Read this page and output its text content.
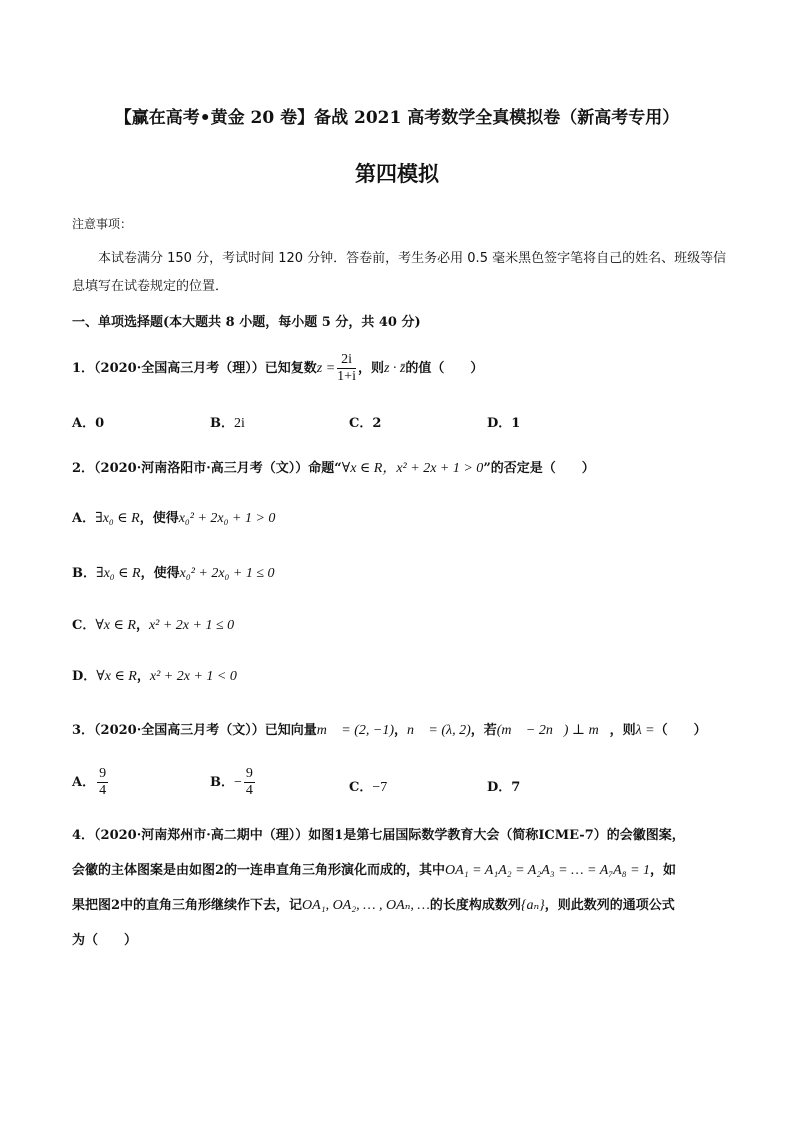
【赢在高考•黄金 20 卷】备战 2021 高考数学全真模拟卷（新高考专用）
第四模拟
注意事项：
本试卷满分 150 分，考试时间 120 分钟．答卷前，考生务必用 0.5 毫米黑色签字笔将自己的姓名、班级等信息填写在试卷规定的位置．
一、单项选择题(本大题共 8 小题，每小题 5 分，共 40 分)
1．（2020·全国高三月考（理））已知复数$z = \frac{2i}{1+i}$ ，则z · z̄的值（　　）
A．0	B．2i	C．2	D．1
2．（2020·河南洛阳市·高三月考（文））命题“∀x ∈ R，x² + 2x + 1 > 0”的否定是（　　）
A．∃x₀ ∈ R，使得x₀² + 2x₀ + 1 > 0
B．∃x₀ ∈ R，使得x₀² + 2x₀ + 1 ≤ 0
C．∀x ∈ R，x² + 2x + 1 ≤ 0
D．∀x ∈ R，x² + 2x + 1 < 0
3．（2020·全国高三月考（文））已知向量m⃗ = (2, −1)，n⃗ = (λ, 2)，若(m⃗ − 2n⃗) ⊥ m⃗，则λ =（　　）
A． $\frac{9}{4}$	B．− $\frac{9}{4}$	C．−7	D．7
4．（2020·河南郑州市·高二期中（理））如图1是第七届国际数学教育大会（简称ICME-7）的会徽图案，
会徽的主体图案是由如图2的一连串直角三角形演化而成的，其中OA₁ = A₁A₂ = A₂A₃ = … = A₇A₈ = 1，如
果把图2中的直角三角形继续作下去，记OA₁, OA₂, … , OAₙ, …的长度构成数列{aₙ}，则此数列的通项公式
为（　　）
